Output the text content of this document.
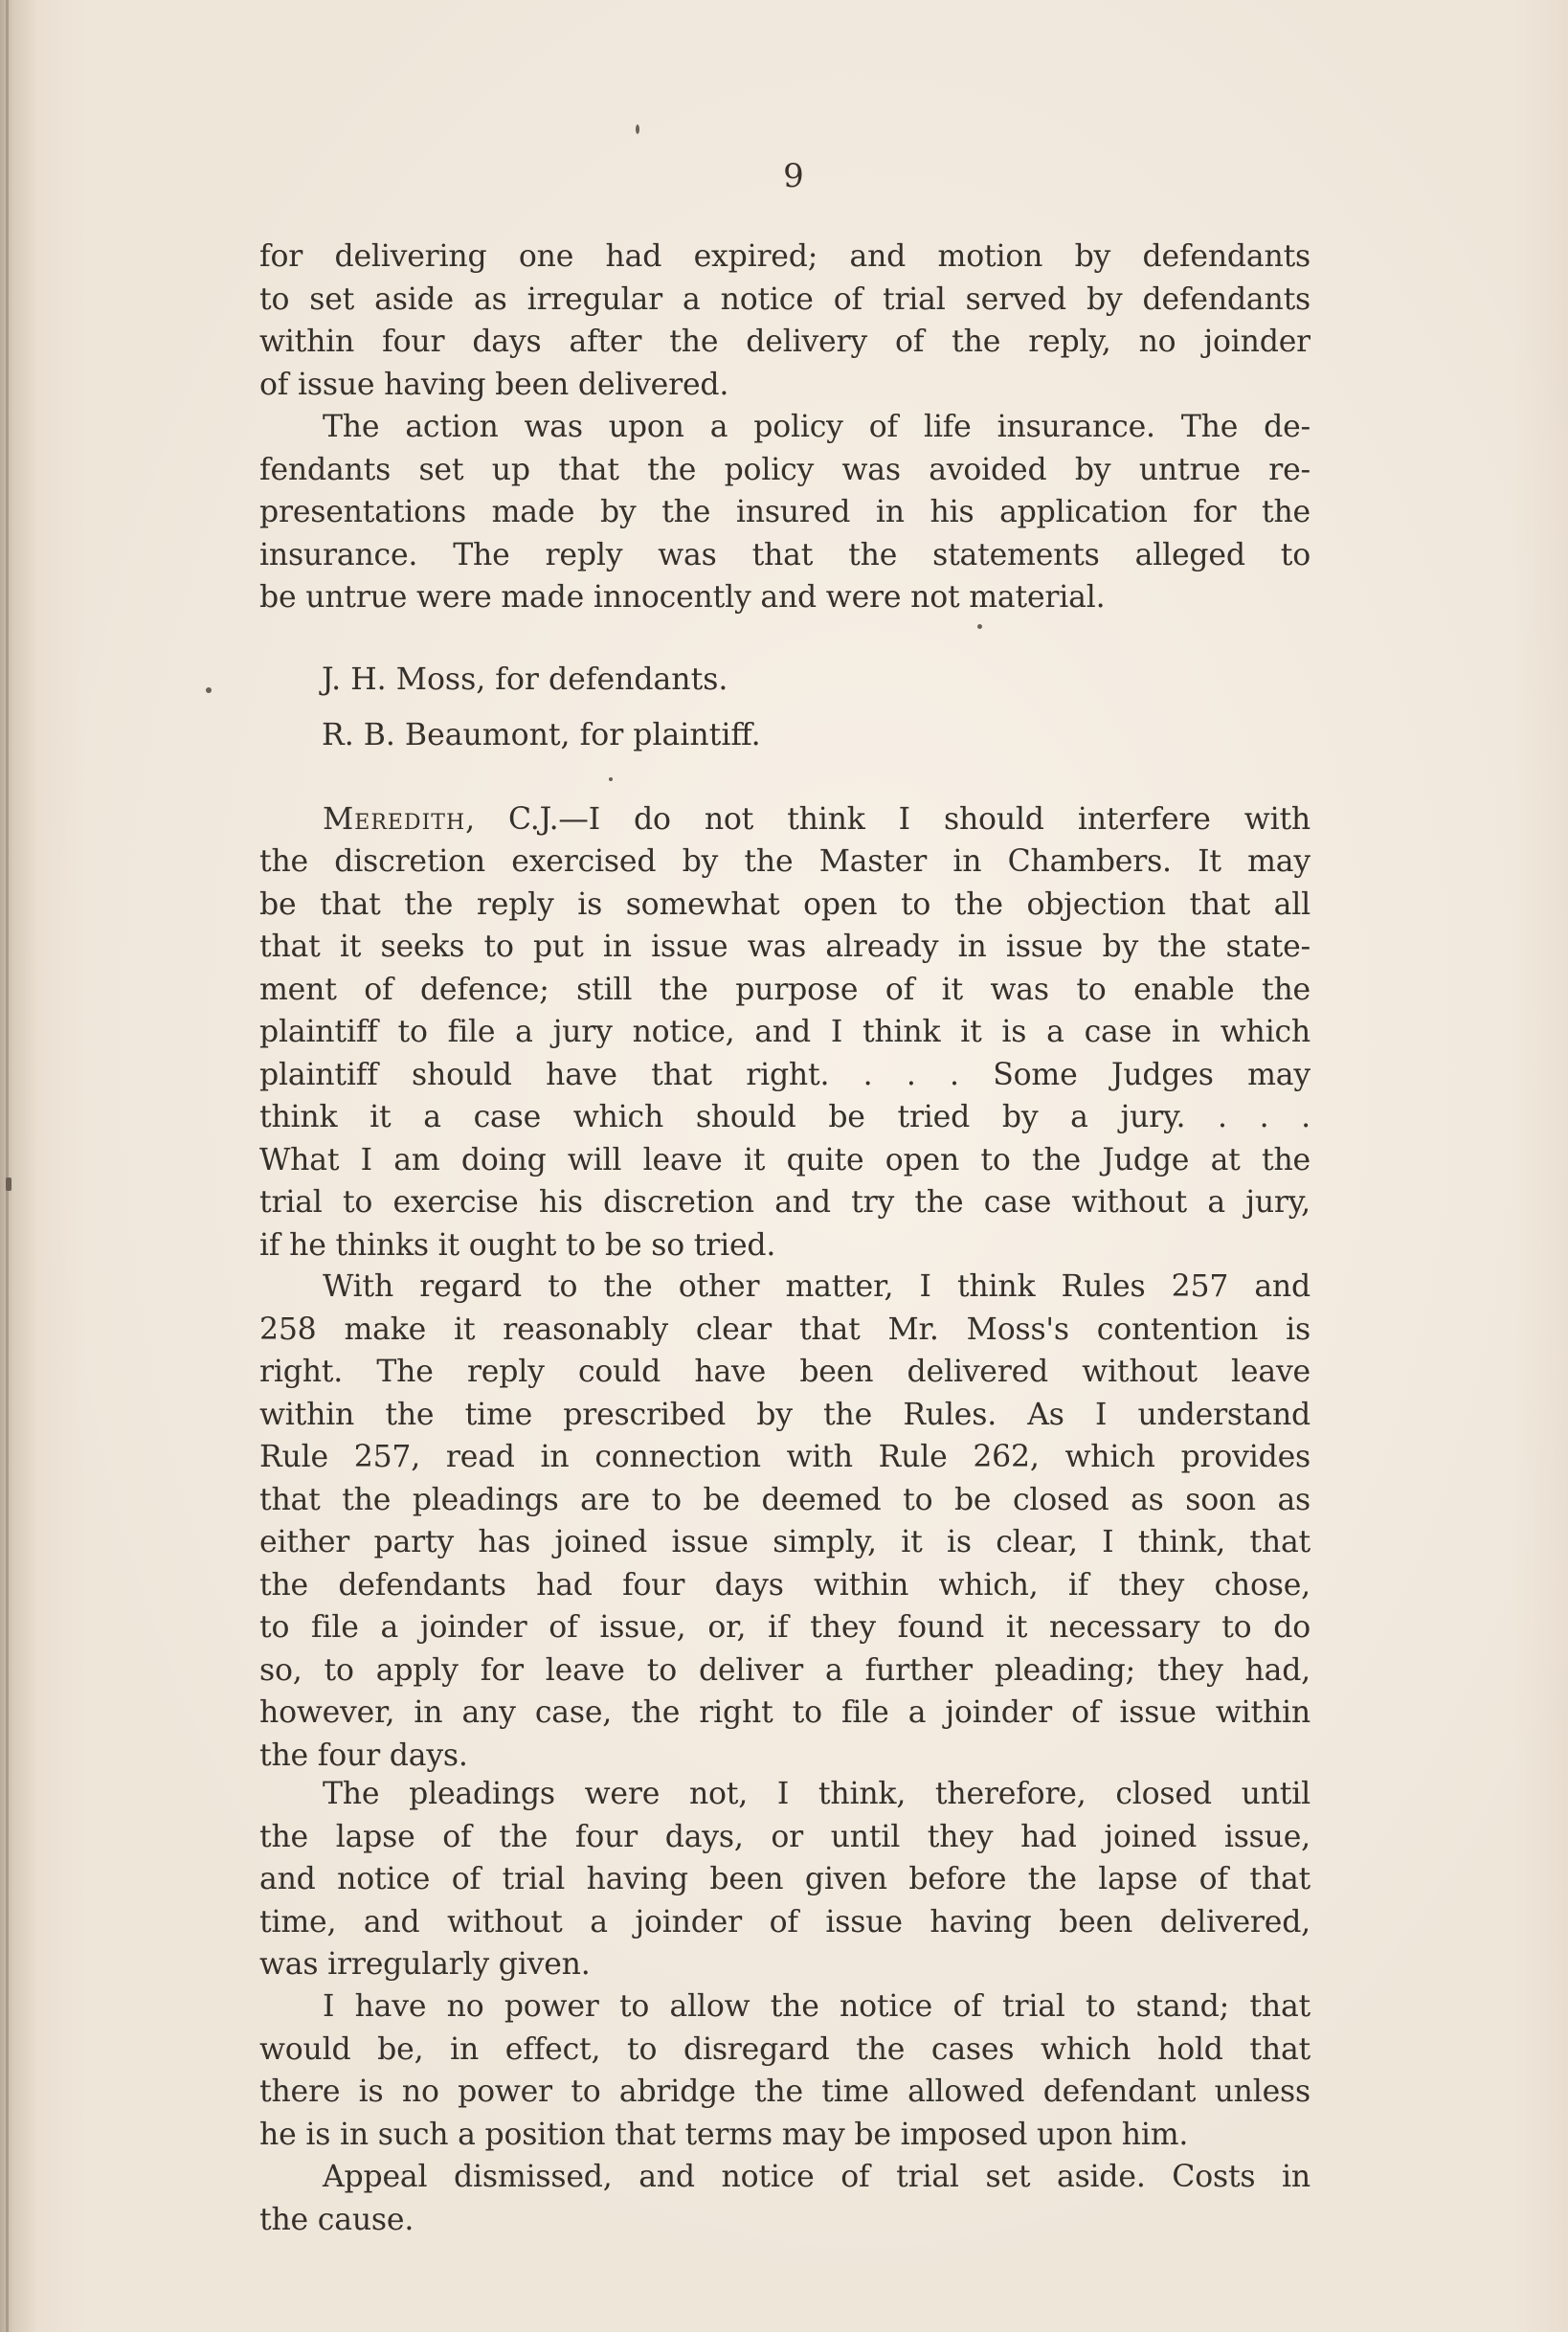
9
for delivering one had expired; and motion by defendants
to set aside as irregular a notice of trial served by defendants
within four days after the delivery of the reply, no joinder
of issue having been delivered.
The action was upon a policy of life insurance. The de-
fendants set up that the policy was avoided by untrue re-
presentations made by the insured in his application for the
insurance. The reply was that the statements alleged to
be untrue were made innocently and were not material.
J. H. Moss, for defendants.
R. B. Beaumont, for plaintiff.
Meredith, C.J.—I do not think I should interfere with
the discretion exercised by the Master in Chambers. It may
be that the reply is somewhat open to the objection that all
that it seeks to put in issue was already in issue by the state-
ment of defence; still the purpose of it was to enable the
plaintiff to file a jury notice, and I think it is a case in which
plaintiff should have that right. . . . Some Judges may
think it a case which should be tried by a jury. . . .
What I am doing will leave it quite open to the Judge at the
trial to exercise his discretion and try the case without a jury,
if he thinks it ought to be so tried.
With regard to the other matter, I think Rules 257 and
258 make it reasonably clear that Mr. Moss's contention is
right. The reply could have been delivered without leave
within the time prescribed by the Rules. As I understand
Rule 257, read in connection with Rule 262, which provides
that the pleadings are to be deemed to be closed as soon as
either party has joined issue simply, it is clear, I think, that
the defendants had four days within which, if they chose,
to file a joinder of issue, or, if they found it necessary to do
so, to apply for leave to deliver a further pleading; they had,
however, in any case, the right to file a joinder of issue within
the four days.
The pleadings were not, I think, therefore, closed until
the lapse of the four days, or until they had joined issue,
and notice of trial having been given before the lapse of that
time, and without a joinder of issue having been delivered,
was irregularly given.
I have no power to allow the notice of trial to stand; that
would be, in effect, to disregard the cases which hold that
there is no power to abridge the time allowed defendant unless
he is in such a position that terms may be imposed upon him.
Appeal dismissed, and notice of trial set aside. Costs in
the cause.
